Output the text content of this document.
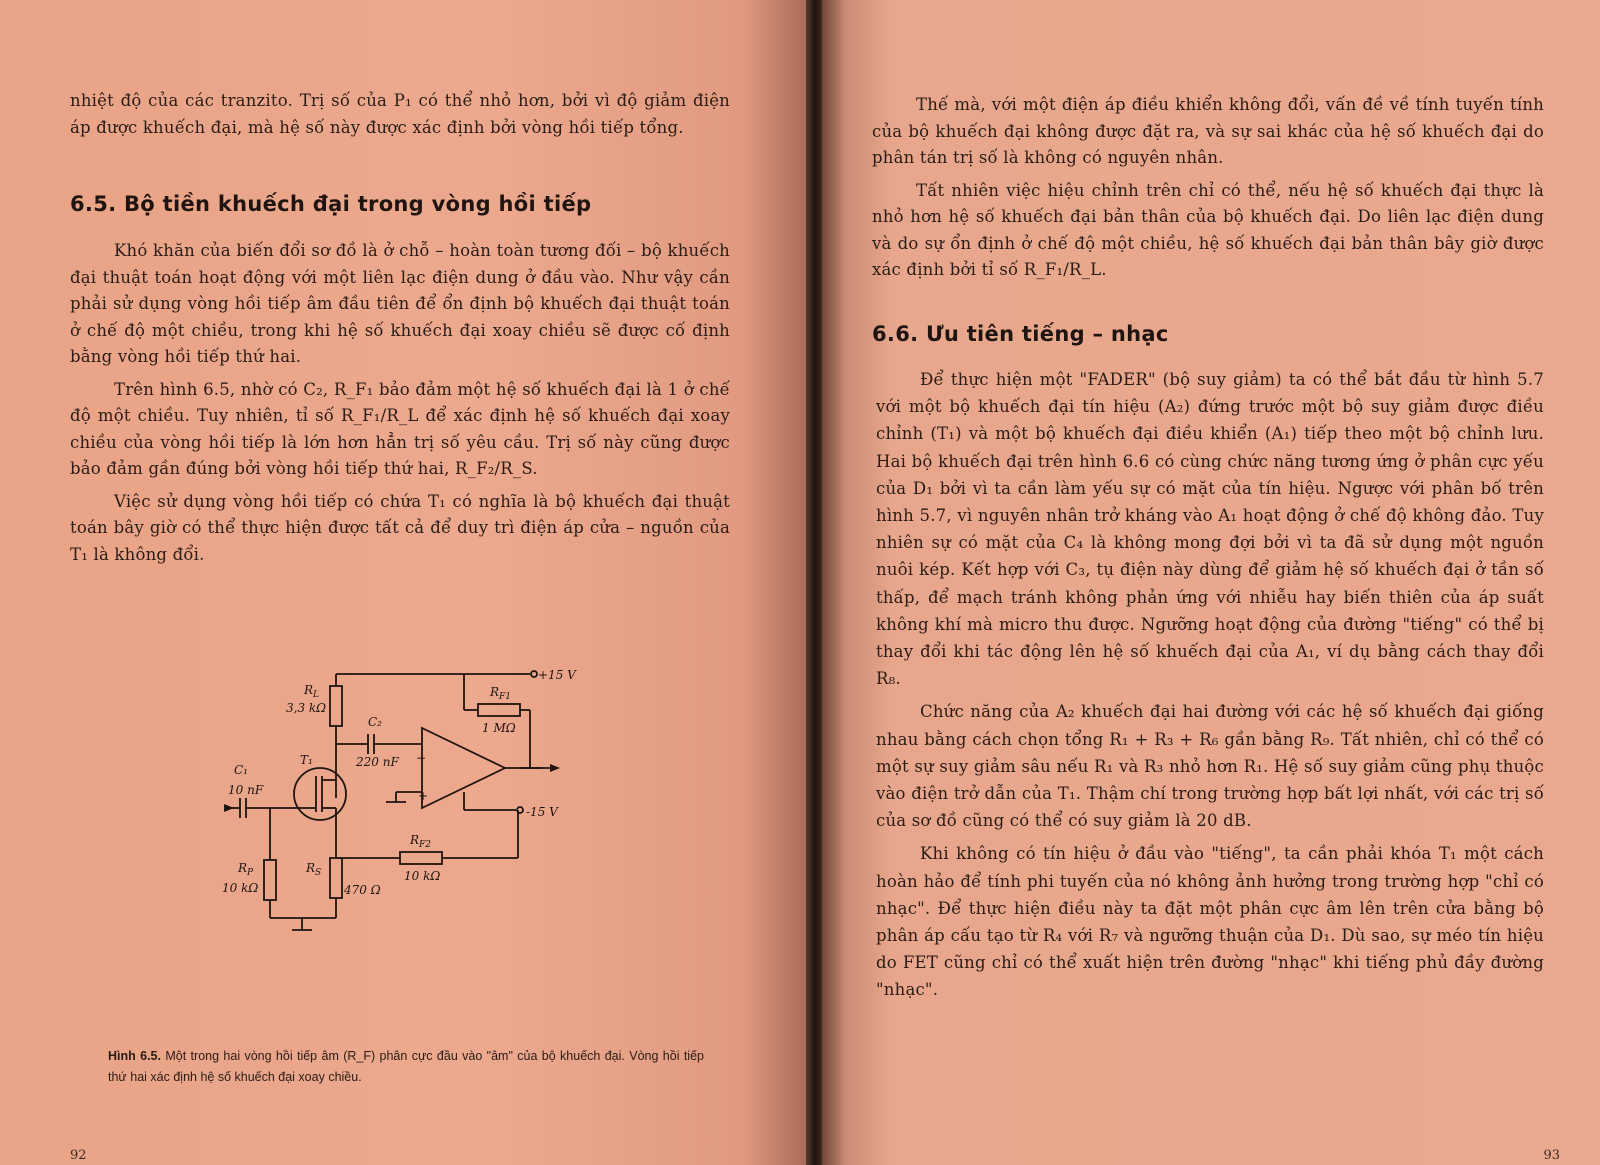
nhiệt độ của các tranzito. Trị số của P₁ có thể nhỏ hơn, bởi vì độ giảm điện áp được khuếch đại, mà hệ số này được xác định bởi vòng hồi tiếp tổng.

6.5. Bộ tiền khuếch đại trong vòng hồi tiếp

Khó khăn của biến đổi sơ đồ là ở chỗ – hoàn toàn tương đối – bộ khuếch đại thuật toán hoạt động với một liên lạc điện dung ở đầu vào. Như vậy cần phải sử dụng vòng hồi tiếp âm đầu tiên để ổn định bộ khuếch đại thuật toán ở chế độ một chiều, trong khi hệ số khuếch đại xoay chiều sẽ được cố định bằng vòng hồi tiếp thứ hai.

Trên hình 6.5, nhờ có C₂, R_F₁ bảo đảm một hệ số khuếch đại là 1 ở chế độ một chiều. Tuy nhiên, tỉ số R_F₁/R_L để xác định hệ số khuếch đại xoay chiều của vòng hồi tiếp là lớn hơn hẳn trị số yêu cầu. Trị số này cũng được bảo đảm gần đúng bởi vòng hồi tiếp thứ hai, R_F₂/R_S.

Việc sử dụng vòng hồi tiếp có chứa T₁ có nghĩa là bộ khuếch đại thuật toán bây giờ có thể thực hiện được tất cả để duy trì điện áp cửa – nguồn của T₁ là không đổi.

−
+
+15 V
-15 V
$R_L$
3,3 kΩ
$R_{F1}$
1 MΩ
C₂
220 nF
T₁
C₁
10 nF
$R_P$
10 kΩ
$R_S$
470 Ω
$R_{F2}$
10 kΩ
Hình 6.5. Một trong hai vòng hồi tiếp âm (R_F) phân cực đầu vào "âm" của bộ khuếch đại. Vòng hồi tiếp thứ hai xác định hệ số khuếch đại xoay chiều.
92

Thế mà, với một điện áp điều khiển không đổi, vấn đề về tính tuyến tính của bộ khuếch đại không được đặt ra, và sự sai khác của hệ số khuếch đại do phân tán trị số là không có nguyên nhân.

Tất nhiên việc hiệu chỉnh trên chỉ có thể, nếu hệ số khuếch đại thực là nhỏ hơn hệ số khuếch đại bản thân của bộ khuếch đại. Do liên lạc điện dung và do sự ổn định ở chế độ một chiều, hệ số khuếch đại bản thân bây giờ được xác định bởi tỉ số R_F₁/R_L.

6.6. Ưu tiên tiếng – nhạc

Để thực hiện một "FADER" (bộ suy giảm) ta có thể bắt đầu từ hình 5.7 với một bộ khuếch đại tín hiệu (A₂) đứng trước một bộ suy giảm được điều chỉnh (T₁) và một bộ khuếch đại điều khiển (A₁) tiếp theo một bộ chỉnh lưu. Hai bộ khuếch đại trên hình 6.6 có cùng chức năng tương ứng ở phân cực yếu của D₁ bởi vì ta cần làm yếu sự có mặt của tín hiệu. Ngược với phân bố trên hình 5.7, vì nguyên nhân trở kháng vào A₁ hoạt động ở chế độ không đảo. Tuy nhiên sự có mặt của C₄ là không mong đợi bởi vì ta đã sử dụng một nguồn nuôi kép. Kết hợp với C₃, tụ điện này dùng để giảm hệ số khuếch đại ở tần số thấp, để mạch tránh không phản ứng với nhiễu hay biến thiên của áp suất không khí mà micro thu được. Ngưỡng hoạt động của đường "tiếng" có thể bị thay đổi khi tác động lên hệ số khuếch đại của A₁, ví dụ bằng cách thay đổi R₈.

Chức năng của A₂ khuếch đại hai đường với các hệ số khuếch đại giống nhau bằng cách chọn tổng R₁ + R₃ + R₆ gần bằng R₉. Tất nhiên, chỉ có thể có một sự suy giảm sâu nếu R₁ và R₃ nhỏ hơn R₁. Hệ số suy giảm cũng phụ thuộc vào điện trở dẫn của T₁. Thậm chí trong trường hợp bất lợi nhất, với các trị số của sơ đồ cũng có thể có suy giảm là 20 dB.

Khi không có tín hiệu ở đầu vào "tiếng", ta cần phải khóa T₁ một cách hoàn hảo để tính phi tuyến của nó không ảnh hưởng trong trường hợp "chỉ có nhạc". Để thực hiện điều này ta đặt một phân cực âm lên trên cửa bằng bộ phân áp cấu tạo từ R₄ với R₇ và ngưỡng thuận của D₁. Dù sao, sự méo tín hiệu do FET cũng chỉ có thể xuất hiện trên đường "nhạc" khi tiếng phủ đầy đường "nhạc".

93
